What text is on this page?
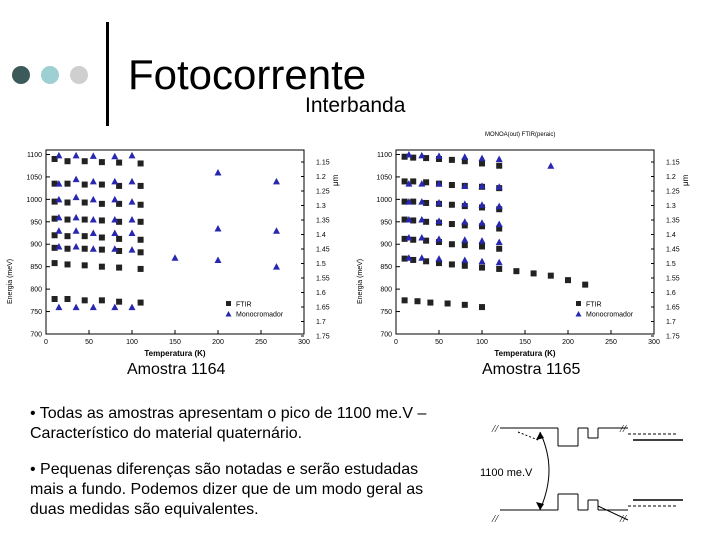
Fotocorrente
Interbanda
0	50	100	150	200	250	300
Temperatura (K)
700
750
800
850
900
950
1000
1050
1100
Energia (meV)
1.15
1.2
1.25
1.3
1.35
1.4
1.45
1.5
1.55
1.6
1.65
1.7
1.75
μm
FTIR
Monocromador
MONOA(out) FTIR(peraic)
0	50	100	150	200	250	300
Temperatura (K)
700
750
800
850
900
950
1000
1050
1100
Energia (meV)
1.15
1.2
1.25
1.3
1.35
1.4
1.45
1.5
1.55
1.6
1.65
1.7
1.75
μm
FTIR
Monocromador
Amostra 1164	Amostra 1165
• Todas as amostras apresentam o pico de 1100 me.V – Característico do material quaternário.
• Pequenas diferenças são notadas e serão estudadas mais a fundo. Podemos dizer que de um modo geral as duas medidas são equivalentes.
//	//
//	//
1100 me.V
